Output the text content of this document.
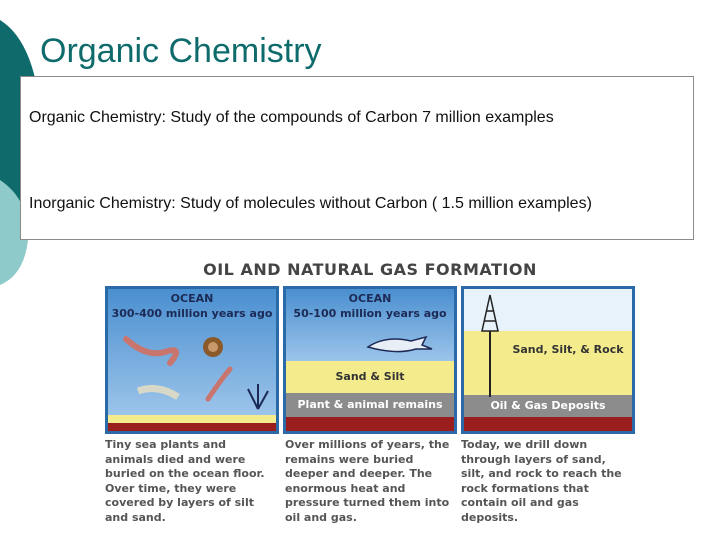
Organic Chemistry
Organic Chemistry: Study of the compounds of Carbon 7 million examples
Inorganic Chemistry: Study of molecules without Carbon ( 1.5 million examples)
OIL AND NATURAL GAS FORMATION
OCEAN
300-400 million years ago
OCEAN
50-100 million years ago
Sand & Silt
Plant & animal remains
Sand, Silt, & Rock
Oil & Gas Deposits
Tiny sea plants and animals died and were buried on the ocean floor. Over time, they were covered by layers of silt and sand.
Over millions of years, the remains were buried deeper and deeper. The enormous heat and pressure turned them into oil and gas.
Today, we drill down through layers of sand, silt, and rock to reach the rock formations that contain oil and gas deposits.
